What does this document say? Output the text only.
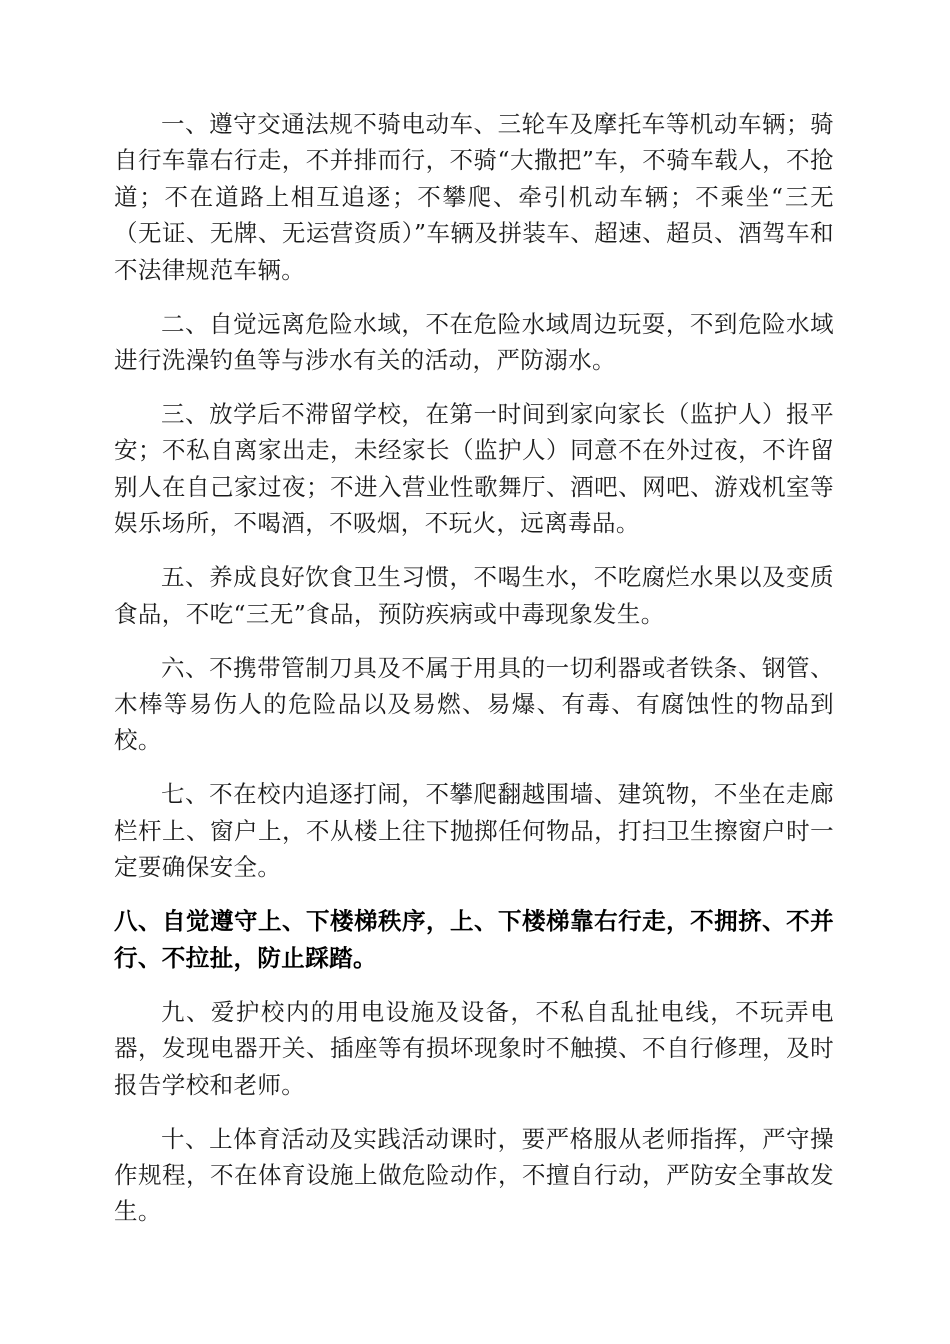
一、遵守交通法规不骑电动车、三轮车及摩托车等机动车辆；骑自行车靠右行走，不并排而行，不骑“大撒把”车，不骑车载人，不抢道；不在道路上相互追逐；不攀爬、牵引机动车辆；不乘坐“三无（无证、无牌、无运营资质）”车辆及拼装车、超速、超员、酒驾车和不法律规范车辆。

二、自觉远离危险水域，不在危险水域周边玩耍，不到危险水域进行洗澡钓鱼等与涉水有关的活动，严防溺水。

三、放学后不滞留学校，在第一时间到家向家长（监护人）报平安；不私自离家出走，未经家长（监护人）同意不在外过夜，不许留别人在自己家过夜；不进入营业性歌舞厅、酒吧、网吧、游戏机室等娱乐场所，不喝酒，不吸烟，不玩火，远离毒品。

五、养成良好饮食卫生习惯，不喝生水，不吃腐烂水果以及变质食品，不吃“三无”食品，预防疾病或中毒现象发生。

六、不携带管制刀具及不属于用具的一切利器或者铁条、钢管、木棒等易伤人的危险品以及易燃、易爆、有毒、有腐蚀性的物品到校。

七、不在校内追逐打闹，不攀爬翻越围墙、建筑物，不坐在走廊栏杆上、窗户上，不从楼上往下抛掷任何物品，打扫卫生擦窗户时一定要确保安全。

八、自觉遵守上、下楼梯秩序，上、下楼梯靠右行走，不拥挤、不并行、不拉扯，防止踩踏。

九、爱护校内的用电设施及设备，不私自乱扯电线，不玩弄电器，发现电器开关、插座等有损坏现象时不触摸、不自行修理，及时报告学校和老师。

十、上体育活动及实践活动课时，要严格服从老师指挥，严守操作规程，不在体育设施上做危险动作，不擅自行动，严防安全事故发生。
